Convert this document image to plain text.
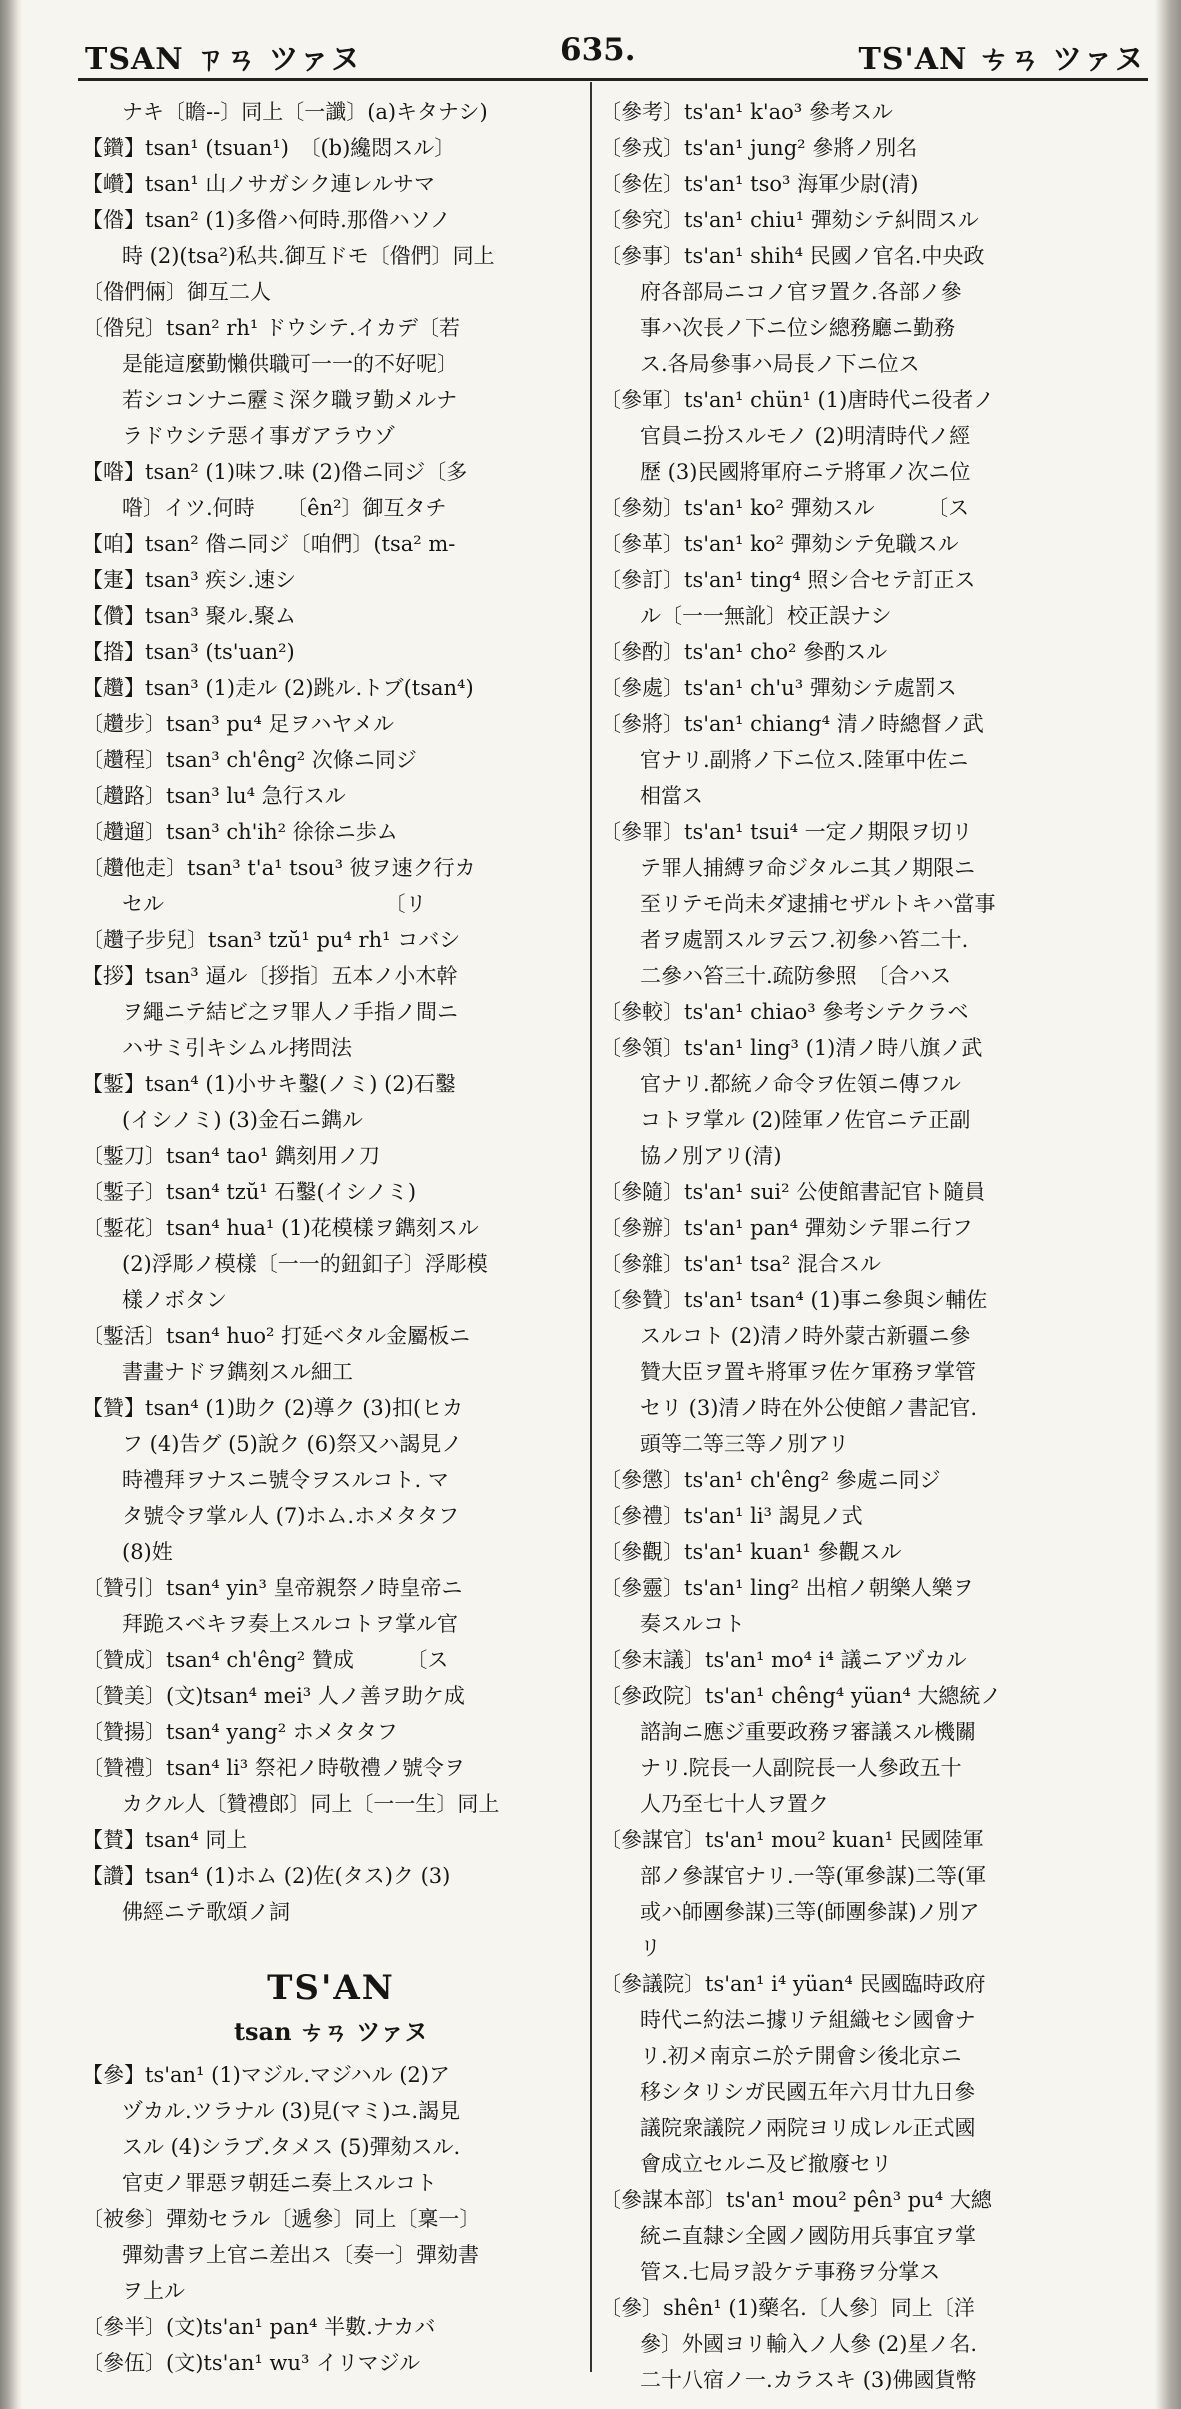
TSAN ㄗㄢ ツァヌ	635.	TS'AN ㄘㄢ ツァヌ
ナキ〔瞻--〕同上〔一讖〕(a)キタナシ)
【鑽】tsan¹ (tsuan¹)　〔(b)纔悶スル〕
【巑】tsan¹ 山ノサガシク連レルサマ
【偺】tsan² (1)多偺ハ何時.那偺ハソノ
時 (2)(tsa²)私共.御互ドモ〔偺們〕同上
〔偺們倆〕御互二人
〔偺兒〕tsan² rh¹ ドウシテ.イカデ〔若
是能這麼勤懶供職可一一的不好呢〕
若シコンナニ靂ミ深ク職ヲ勤メルナ
ラドウシテ惡イ事ガアラウゾ
【喒】tsan² (1)味フ.味 (2)偺ニ同ジ〔多
喒〕イツ.何時　　〔ên²〕御互タチ
【咱】tsan² 偺ニ同ジ〔咱們〕(tsa² m-
【寁】tsan³ 疾シ.速シ
【儹】tsan³ 聚ル.聚ム
【揝】tsan³ (ts'uan²)
【趲】tsan³ (1)走ル (2)跳ル.トブ(tsan⁴)
〔趲步〕tsan³ pu⁴ 足ヲハヤメル
〔趲程〕tsan³ ch'êng² 次條ニ同ジ
〔趲路〕tsan³ lu⁴ 急行スル
〔趲遛〕tsan³ ch'ih² 徐徐ニ歩ム
〔趲他走〕tsan³ t'a¹ tsou³ 彼ヲ速ク行カ
セル　　　　　　　　　　　〔リ
〔趲子步兒〕tsan³ tzŭ¹ pu⁴ rh¹ コバシ
【拶】tsan³ 逼ル〔拶指〕五本ノ小木幹
ヲ繩ニテ結ビ之ヲ罪人ノ手指ノ間ニ
ハサミ引キシムル拷問法
【鏨】tsan⁴ (1)小サキ鑿(ノミ) (2)石鑿
(イシノミ) (3)金石ニ鐫ル
〔鏨刀〕tsan⁴ tao¹ 鐫刻用ノ刀
〔鏨子〕tsan⁴ tzŭ¹ 石鑿(イシノミ)
〔鏨花〕tsan⁴ hua¹ (1)花模樣ヲ鐫刻スル
(2)浮彫ノ模樣〔一一的鈕釦子〕浮彫模
樣ノボタン
〔鏨活〕tsan⁴ huo² 打延ベタル金屬板ニ
書畫ナドヲ鐫刻スル細工
【贊】tsan⁴ (1)助ク (2)導ク (3)扣(ヒカ
フ (4)告グ (5)說ク (6)祭又ハ謁見ノ
時禮拜ヲナスニ號令ヲスルコト. マ
タ號令ヲ掌ル人 (7)ホム.ホメタタフ
(8)姓
〔贊引〕tsan⁴ yin³ 皇帝親祭ノ時皇帝ニ
拜跪スベキヲ奏上スルコトヲ掌ル官
〔贊成〕tsan⁴ ch'êng² 贊成　　　〔ス
〔贊美〕(文)tsan⁴ mei³ 人ノ善ヲ助ケ成
〔贊揚〕tsan⁴ yang² ホメタタフ
〔贊禮〕tsan⁴ li³ 祭祀ノ時敬禮ノ號令ヲ
カクル人〔贊禮郎〕同上〔一一生〕同上
【賛】tsan⁴ 同上
【讚】tsan⁴ (1)ホム (2)佐(タス)ク (3)
佛經ニテ歌頌ノ詞
TS'AN
tsan ㄘㄢ ツァヌ
【參】ts'an¹ (1)マジル.マジハル (2)ア
ヅカル.ツラナル (3)見(マミ)ユ.謁見
スル (4)シラブ.タメス (5)彈劾スル.
官吏ノ罪惡ヲ朝廷ニ奏上スルコト
〔被參〕彈劾セラル〔遞參〕同上〔稟一〕
彈劾書ヲ上官ニ差出ス〔奏一〕彈劾書
ヲ上ル
〔參半〕(文)ts'an¹ pan⁴ 半數.ナカバ
〔參伍〕(文)ts'an¹ wu³ イリマジル
〔參考〕ts'an¹ k'ao³ 參考スル
〔參戎〕ts'an¹ jung² 參將ノ別名
〔參佐〕ts'an¹ tso³ 海軍少尉(清)
〔參究〕ts'an¹ chiu¹ 彈劾シテ糾問スル
〔參事〕ts'an¹ shih⁴ 民國ノ官名.中央政
府各部局ニコノ官ヲ置ク.各部ノ參
事ハ次長ノ下ニ位シ總務廳ニ勤務
ス.各局參事ハ局長ノ下ニ位ス
〔參軍〕ts'an¹ chün¹ (1)唐時代ニ役者ノ
官員ニ扮スルモノ (2)明清時代ノ經
歷 (3)民國將軍府ニテ將軍ノ次ニ位
〔參劾〕ts'an¹ ko² 彈劾スル　　　〔ス
〔參革〕ts'an¹ ko² 彈劾シテ免職スル
〔參訂〕ts'an¹ ting⁴ 照シ合セテ訂正ス
ル〔一一無訛〕校正誤ナシ
〔參酌〕ts'an¹ cho² 參酌スル
〔參處〕ts'an¹ ch'u³ 彈劾シテ處罰ス
〔參將〕ts'an¹ chiang⁴ 清ノ時總督ノ武
官ナリ.副將ノ下ニ位ス.陸軍中佐ニ
相當ス
〔參罪〕ts'an¹ tsui⁴ 一定ノ期限ヲ切リ
テ罪人捕縛ヲ命ジタルニ其ノ期限ニ
至リテモ尚未ダ逮捕セザルトキハ當事
者ヲ處罰スルヲ云フ.初參ハ笞二十.
二參ハ笞三十.疏防參照　〔合ハス
〔參較〕ts'an¹ chiao³ 參考シテクラベ
〔參領〕ts'an¹ ling³ (1)清ノ時八旗ノ武
官ナリ.都統ノ命令ヲ佐領ニ傳フル
コトヲ掌ル (2)陸軍ノ佐官ニテ正副
協ノ別アリ(清)
〔參隨〕ts'an¹ sui² 公使館書記官ト隨員
〔參辦〕ts'an¹ pan⁴ 彈劾シテ罪ニ行フ
〔參雜〕ts'an¹ tsa² 混合スル
〔參贊〕ts'an¹ tsan⁴ (1)事ニ參與シ輔佐
スルコト (2)清ノ時外蒙古新疆ニ參
贊大臣ヲ置キ將軍ヲ佐ケ軍務ヲ掌管
セリ (3)清ノ時在外公使館ノ書記官.
頭等二等三等ノ別アリ
〔參懲〕ts'an¹ ch'êng² 參處ニ同ジ
〔參禮〕ts'an¹ li³ 謁見ノ式
〔參觀〕ts'an¹ kuan¹ 參觀スル
〔參靈〕ts'an¹ ling² 出棺ノ朝樂人樂ヲ
奏スルコト
〔參末議〕ts'an¹ mo⁴ i⁴ 議ニアヅカル
〔參政院〕ts'an¹ chêng⁴ yüan⁴ 大總統ノ
諮詢ニ應ジ重要政務ヲ審議スル機關
ナリ.院長一人副院長一人參政五十
人乃至七十人ヲ置ク
〔參謀官〕ts'an¹ mou² kuan¹ 民國陸軍
部ノ參謀官ナリ.一等(軍參謀)二等(軍
或ハ師團參謀)三等(師團參謀)ノ別ア
リ
〔參議院〕ts'an¹ i⁴ yüan⁴ 民國臨時政府
時代ニ約法ニ據リテ組織セシ國會ナ
リ.初メ南京ニ於テ開會シ後北京ニ
移シタリシガ民國五年六月廿九日參
議院衆議院ノ兩院ヨリ成レル正式國
會成立セルニ及ビ撤廢セリ
〔參謀本部〕ts'an¹ mou² pên³ pu⁴ 大總
統ニ直隸シ全國ノ國防用兵事宜ヲ掌
管ス.七局ヲ設ケテ事務ヲ分掌ス
〔參〕shên¹ (1)藥名.〔人參〕同上〔洋
參〕外國ヨリ輸入ノ人參 (2)星ノ名.
二十八宿ノ一.カラスキ (3)佛國貨幣
